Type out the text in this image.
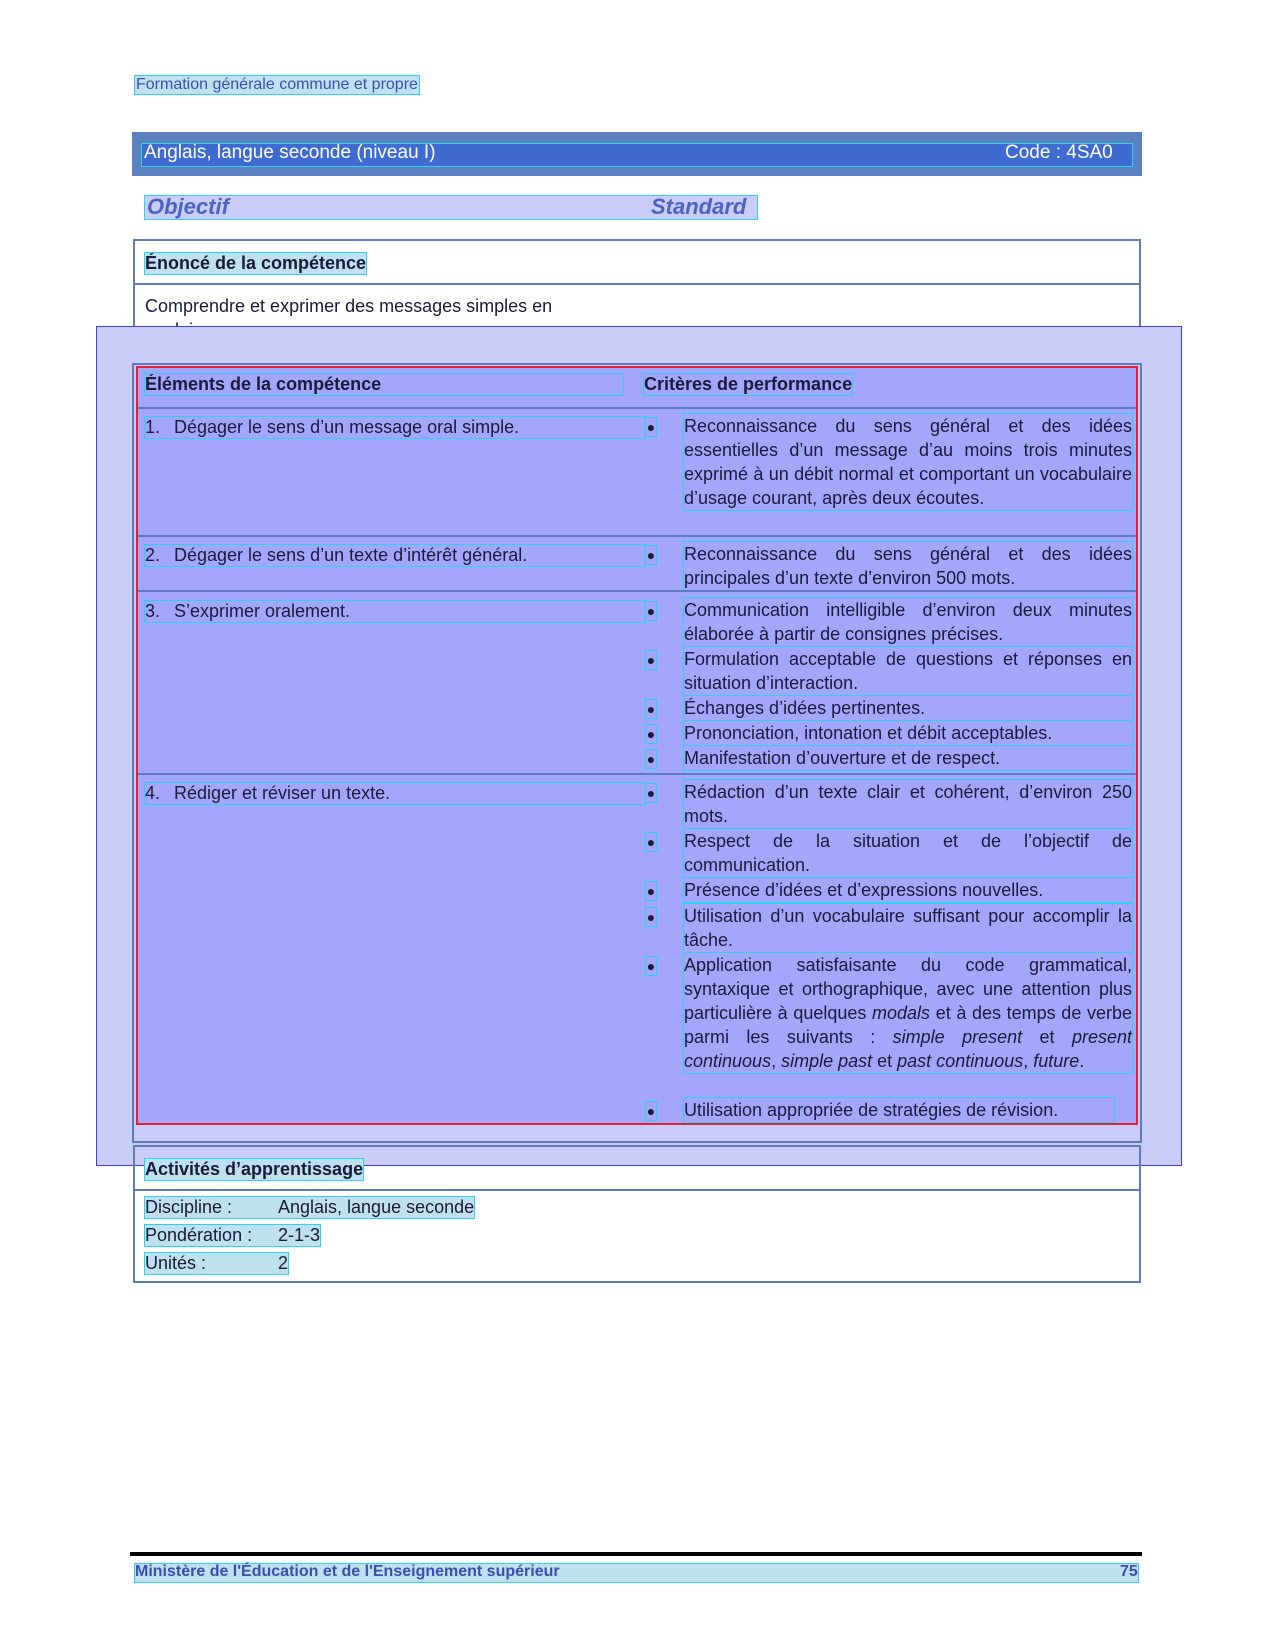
Formation générale commune et propre
Anglais, langue seconde (niveau I)	Code : 4SA0
Objectif	Standard
Énoncé de la compétence
Comprendre et exprimer des messages simples en
Éléments de la compétence	Critères de performance
1. Dégager le sens d’un message oral simple.	● Reconnaissance du sens général et des idées essentielles d’un message d’au moins trois minutes exprimé à un débit normal et comportant un vocabulaire d’usage courant, après deux écoutes.
2. Dégager le sens d’un texte d’intérêt général.	● Reconnaissance du sens général et des idées principales d’un texte d’environ 500 mots.
3. S’exprimer oralement.	● Communication intelligible d’environ deux minutes élaborée à partir de consignes précises.
● Formulation acceptable de questions et réponses en situation d’interaction.
● Échanges d’idées pertinentes.
● Prononciation, intonation et débit acceptables.
● Manifestation d’ouverture et de respect.
4. Rédiger et réviser un texte.	● Rédaction d’un texte clair et cohérent, d’environ 250 mots.
● Respect de la situation et de l’objectif de communication.
● Présence d’idées et d’expressions nouvelles.
● Utilisation d’un vocabulaire suffisant pour accomplir la tâche.
● Application satisfaisante du code grammatical, syntaxique et orthographique, avec une attention plus particulière à quelques modals et à des temps de verbe parmi les suivants : simple present et present continuous, simple past et past continuous, future.
● Utilisation appropriée de stratégies de révision.
Activités d’apprentissage
Discipline :	Anglais, langue seconde
Pondération : 2-1-3
Unités :	2
Ministère de l'Éducation et de l'Enseignement supérieur	75
